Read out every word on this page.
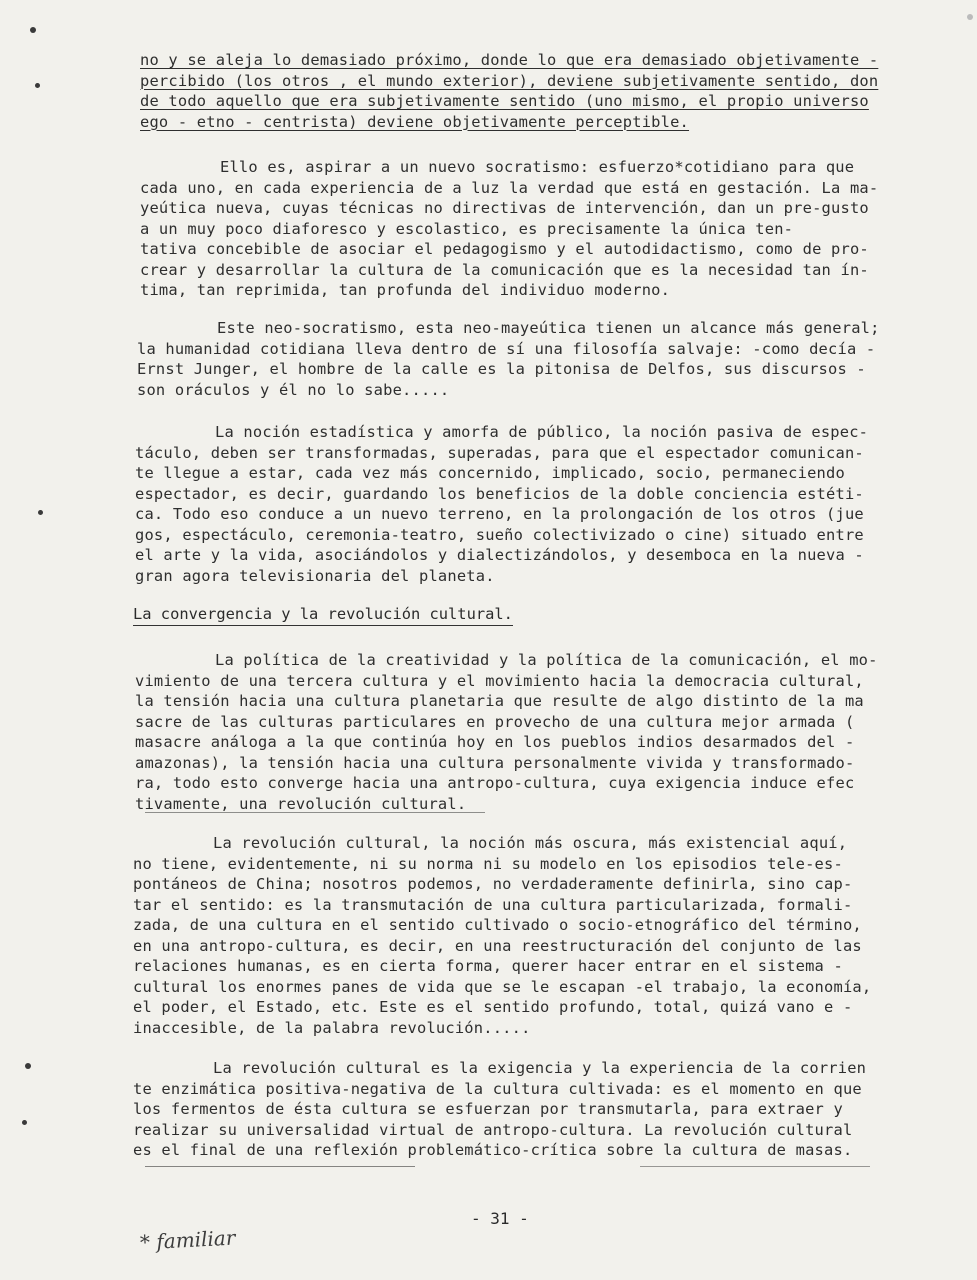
no y se aleja lo demasiado próximo, donde lo que era demasiado objetivamente -
percibido (los otros , el mundo exterior), deviene subjetivamente sentido, don
de todo aquello que era subjetivamente sentido (uno mismo, el propio universo
ego - etno - centrista) deviene objetivamente perceptible.
Ello es, aspirar a un nuevo socratismo: esfuerzo*cotidiano para que
cada uno, en cada experiencia de a luz la verdad que está en gestación. La ma-
yeútica nueva, cuyas técnicas no directivas de intervención, dan un pre-gusto
a un muy poco diaforesco y escolastico, es precisamente la única ten-
tativa concebible de asociar el pedagogismo y el autodidactismo, como de pro-
crear y desarrollar la cultura de la comunicación que es la necesidad tan ín-
tima, tan reprimida, tan profunda del individuo moderno.
Este neo-socratismo, esta neo-mayeútica tienen un alcance más general;
la humanidad cotidiana lleva dentro de sí una filosofía salvaje: -como decía -
Ernst Junger, el hombre de la calle es la pitonisa de Delfos, sus discursos -
son oráculos y él no lo sabe.....
La noción estadística y amorfa de público, la noción pasiva de espec-
táculo, deben ser transformadas, superadas, para que el espectador comunican-
te llegue a estar, cada vez más concernido, implicado, socio, permaneciendo
espectador, es decir, guardando los beneficios de la doble conciencia estéti-
ca. Todo eso conduce a un nuevo terreno, en la prolongación de los otros (jue
gos, espectáculo, ceremonia-teatro, sueño colectivizado o cine) situado entre
el arte y la vida, asociándolos y dialectizándolos, y desemboca en la nueva -
gran agora televisionaria del planeta.
La convergencia y la revolución cultural.
La política de la creatividad y la política de la comunicación, el mo-
vimiento de una tercera cultura y el movimiento hacia la democracia cultural,
la tensión hacia una cultura planetaria que resulte de algo distinto de la ma
sacre de las culturas particulares en provecho de una cultura mejor armada (
masacre análoga a la que continúa hoy en los pueblos indios desarmados del -
amazonas), la tensión hacia una cultura personalmente vivida y transformado-
ra, todo esto converge hacia una antropo-cultura, cuya exigencia induce efec
tivamente, una revolución cultural.
La revolución cultural, la noción más oscura, más existencial aquí,
no tiene, evidentemente, ni su norma ni su modelo en los episodios tele-es-
pontáneos de China; nosotros podemos, no verdaderamente definirla, sino cap-
tar el sentido: es la transmutación de una cultura particularizada, formali-
zada, de una cultura en el sentido cultivado o socio-etnográfico del término,
en una antropo-cultura, es decir, en una reestructuración del conjunto de las
relaciones humanas, es en cierta forma, querer hacer entrar en el sistema -
cultural los enormes panes de vida que se le escapan -el trabajo, la economía,
el poder, el Estado, etc. Este es el sentido profundo, total, quizá vano e -
inaccesible, de la palabra revolución.....
La revolución cultural es la exigencia y la experiencia de la corrien
te enzimática positiva-negativa de la cultura cultivada: es el momento en que
los fermentos de ésta cultura se esfuerzan por transmutarla, para extraer y
realizar su universalidad virtual de antropo-cultura. La revolución cultural
es el final de una reflexión problemático-crítica sobre la cultura de masas.
- 31 -
* familiar
